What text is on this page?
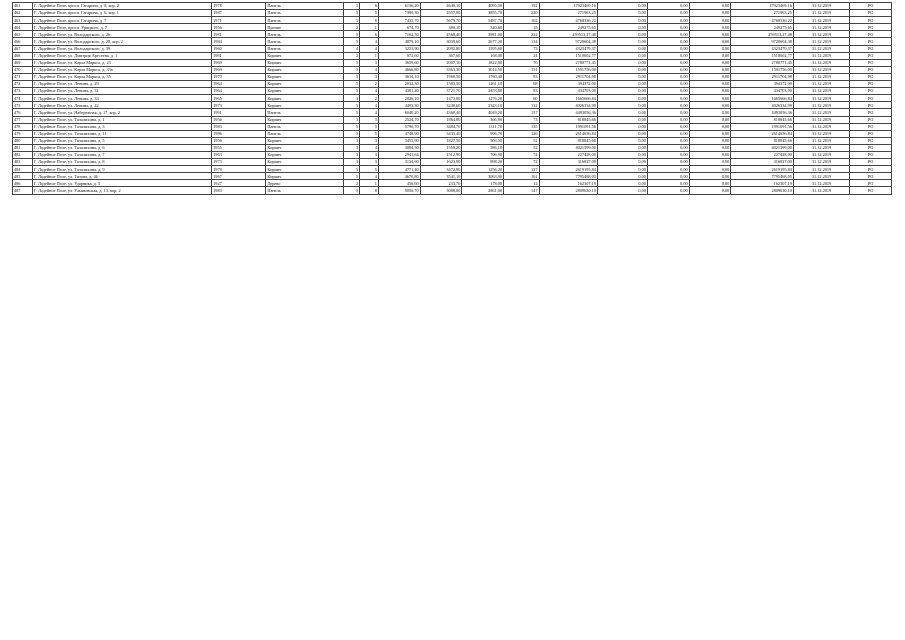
461	Г. Лодейное Поле, просп. Гагарина, д. 8, кор. 2	1978	Панель	5	6	6156,20	4640,10	4095,30	192	17923469,16	0,00	0,00	0,00	17923469,16	31.12.2019	РО
462	Г. Лодейное Поле, просп. Гагарина, д. 6, кор. 1	1987	Панель	5	5	7380,30	4557,00	3855,70	220	271963,25	0,00	0,00	0,00	271963,25	31.12.2019	РО
463	Г. Лодейное Поле, просп. Гагарина, д. 7	1971	Панель	5	8	7435,70	5679,70	5487,70	102	4768336,22	0,00	0,00	0,00	4768336,22	31.12.2019	РО
464	Г. Лодейное Поле, просп. Урицкого, д. 7	1956	Прочие	2	1	674,70	380,10	340,60	15	249275,65	0,00	0,00	0,00	249275,65	31.12.2019	РО
465	Г. Лодейное Поле, ул. Володарского, д. 26	1981	Панель	5	6	7102,50	4568,40	3981,00	222	259513,27,48	0,00	0,00	0,00	259513,27,48	31.12.2019	РО
466	Г. Лодейное Поле, ул. Володарского, д. 28, кор. 2	1984	Панель	5	4	4879,10	3039,60	2677,20	134	9720604,38	0,00	0,00	0,00	9720604,38	31.12.2019	РО
467	Г. Лодейное Поле, ул. Володарского, д. 39	1960	Панель	4	4	3253,90	2095,80	1595,60	73	4323479,37	0,00	0,00	0,00	4323479,37	31.12.2019	РО
468	Г. Лодейное Поле, ул. Дмитрия Аресеева, д. 1	1981	Кирпич	2	1	872,60	367,60	168,00	24	1510602,77	0,00	0,00	0,00	1510602,77	31.12.2019	РО
469	Г. Лодейное Поле, ул. Карла Маркса, д. 23	1969	Кирпич	5	3	3659,60	2007,10	1822,00	76	2780771,45	0,00	0,00	0,00	2780771,45	31.12.2019	РО
470	Г. Лодейное Поле, ул. Карла Маркса, д. 33а	1969	Кирпич	5	4	4666,80	3363,30	3014,50	151	1591756,00	0,00	0,00	0,00	1591756,00	31.12.2019	РО
471	Г. Лодейное Поле, ул. Карла Маркса, д. 35	1970	Кирпич	5	3	3614,10	1968,50	1760,40	93	2911704,98	0,00	0,00	0,00	2911704,98	31.12.2019	РО
472	Г. Лодейное Поле, ул. Ленина, д. 29	1964	Кирпич	5	2	2032,30	1583,50	1261,10	68	394372,00	0,00	0,00	0,00	394372,00	31.12.2019	РО
473	Г. Лодейное Поле, ул. Ленина, д. 31	1964	Кирпич	5	4	4381,20	3721,70	2453,80	93	434703,00	0,00	0,00	0,00	434703,00	31.12.2019	РО
474	Г. Лодейное Поле, ул. Ленина, д. 33	1965	Кирпич	3	2	2026,10	1473,00	1276,20	60	1665666,84	0,00	0,00	0,00	1665666,84	31.12.2019	РО
475	Г. Лодейное Поле, ул. Ленина, д. 42	1973	Кирпич	5	4	4493,30	3248,60	2343,10	132	4026334,99	0,00	0,00	0,00	4026334,99	31.12.2019	РО
476	Г. Лодейное Поле, ул. Набережная, д. 17, кор. 2	1991	Панель	5	4	6040,20	4360,40	4049,20	157	4493056,36	0,00	0,00	0,00	4493056,36	31.12.2019	РО
477	Г. Лодейное Поле, ул. Талалихина, д. 1	1956	Кирпич	3	3	2524,70	1864,80	366,90	73	818845,66	0,00	0,00	0,00	818845,66	31.12.2019	РО
478	Г. Лодейное Поле, ул. Талалихина, д. 3	1983	Панель	5	5	5790,70	3484,70	1311,70	135	1991091,56	0,00	0,00	0,00	1991091,56	31.12.2019	РО
479	Г. Лодейное Поле, ул. Талалихина, д. 11	1986	Панель	5	5	4748,90	3435,40	996,70	126	2614656,84	0,00	0,00	0,00	2614656,84	31.12.2019	РО
480	Г. Лодейное Поле, ул. Талалихина, д. 5	1956	Кирпич	3	3	3455,90	1827,50	503,50	52	818845,66	0,00	0,00	0,00	818845,66	31.12.2019	РО
481	Г. Лодейное Поле, ул. Талалихина, д. 6	1955	Кирпич	3	4	3084,50	1550,20	586,10	52	4021599,00	0,00	0,00	0,00	4021599,00	31.12.2019	РО
482	Г. Лодейное Поле, ул. Талалихина, д. 7	1963	Кирпич	3	3	2941,64	1512,90	706,90	74	227428,00	0,00	0,00	0,00	227428,00	31.12.2019	РО
483	Г. Лодейное Поле, ул. Талалихина, д. 8	1973	Кирпич	3	3	3134,60	1623,90	898,20	72	316827,00	0,00	0,00	0,00	316827,00	31.12.2019	РО
484	Г. Лодейное Поле, ул. Талалихина, д. 9	1979	Кирпич	5	5	4771,40	3472,90	1256,20	127	2619195,84	0,00	0,00	0,00	2619195,84	31.12.2019	РО
485	Г. Лодейное Поле, ул. Титова, д. 46	1967	Кирпич	5	4	4670,80	3541,10	3063,90	161	7795468,05	0,00	0,00	0,00	7795468,05	31.12.2019	РО
486	Г. Лодейное Поле, ул. Ударника, д. 5	1927	Дерево	2	1	456,60	233,70	178,00	12	162307,19	0,00	0,00	0,00	162307,19	31.12.2019	РО
487	Г. Лодейное Поле, ул. Ульяновская, д. 13, кор. 2	1983	Панель	5	8	5056,70	3088,00	2861,00	147	2809630,10	0,00	0,00	0,00	2809630,10	31.12.2019	РО
